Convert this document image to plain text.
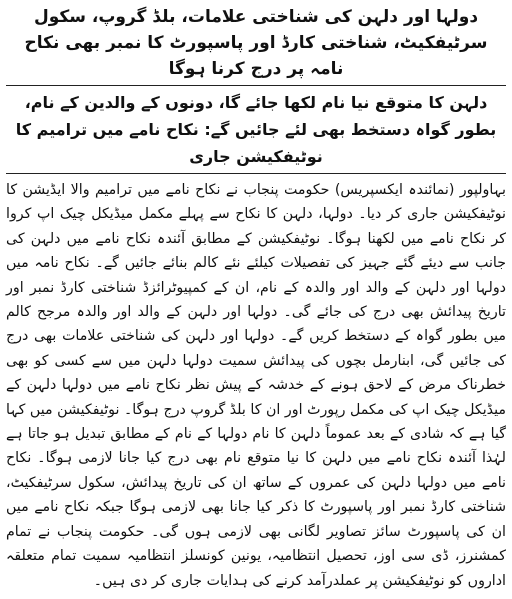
دولہا اور دلہن کی شناختی علامات، بلڈ گروپ، سکول سرٹیفکیٹ، شناختی کارڈ اور پاسپورٹ کا نمبر بھی نکاح نامہ پر درج کرنا ہوگا

دلہن کا متوقع نیا نام لکھا جائے گا، دونوں کے والدین کے نام، بطور گواہ دستخط بھی لئے جائیں گے: نکاح نامے میں ترامیم کا نوٹیفکیشن جاری

بہاولپور (نمائندہ ایکسپریس) حکومت پنجاب نے نکاح نامے میں ترامیم والا ایڈیشن کا نوٹیفکیشن جاری کر دیا۔ دولہا، دلہن کا نکاح سے پہلے مکمل میڈیکل چیک اپ کروا کر نکاح نامے میں لکھنا ہوگا۔ نوٹیفکیشن کے مطابق آئندہ نکاح نامے میں دلہن کی جانب سے دیئے گئے جہیز کی تفصیلات کیلئے نئے کالم بنائے جائیں گے۔ نکاح نامہ میں دولہا اور دلہن کے والد اور والدہ کے نام، ان کے کمپیوٹرائزڈ شناختی کارڈ نمبر اور تاریخ پیدائش بھی درج کی جائے گی۔ دولہا اور دلہن کے والد اور والدہ مرجح کالم میں بطور گواہ کے دستخط کریں گے۔ دولہا اور دلہن کی شناختی علامات بھی درج کی جائیں گی، ابنارمل بچوں کی پیدائش سمیت دولہا دلہن میں سے کسی کو بھی خطرناک مرض کے لاحق ہونے کے خدشہ کے پیش نظر نکاح نامے میں دولہا دلہن کے میڈیکل چیک اپ کی مکمل رپورٹ اور ان کا بلڈ گروپ درج ہوگا۔ نوٹیفکیشن میں کہا گیا ہے کہ شادی کے بعد عموماً دلہن کا نام دولہا کے نام کے مطابق تبدیل ہو جاتا ہے لہٰذا آئندہ نکاح نامے میں دلہن کا نیا متوقع نام بھی درج کیا جانا لازمی ہوگا۔ نکاح نامے میں دولہا دلہن کی عمروں کے ساتھ ان کی تاریخ پیدائش، سکول سرٹیفکیٹ، شناختی کارڈ نمبر اور پاسپورٹ کا ذکر کیا جانا بھی لازمی ہوگا جبکہ نکاح نامے میں ان کی پاسپورٹ سائز تصاویر لگانی بھی لازمی ہوں گی۔ حکومت پنجاب نے تمام کمشنرز، ڈی سی اوز، تحصیل انتظامیہ، یونین کونسلز انتظامیہ سمیت تمام متعلقہ اداروں کو نوٹیفکیشن پر عملدرآمد کرنے کی ہدایات جاری کر دی ہیں۔
